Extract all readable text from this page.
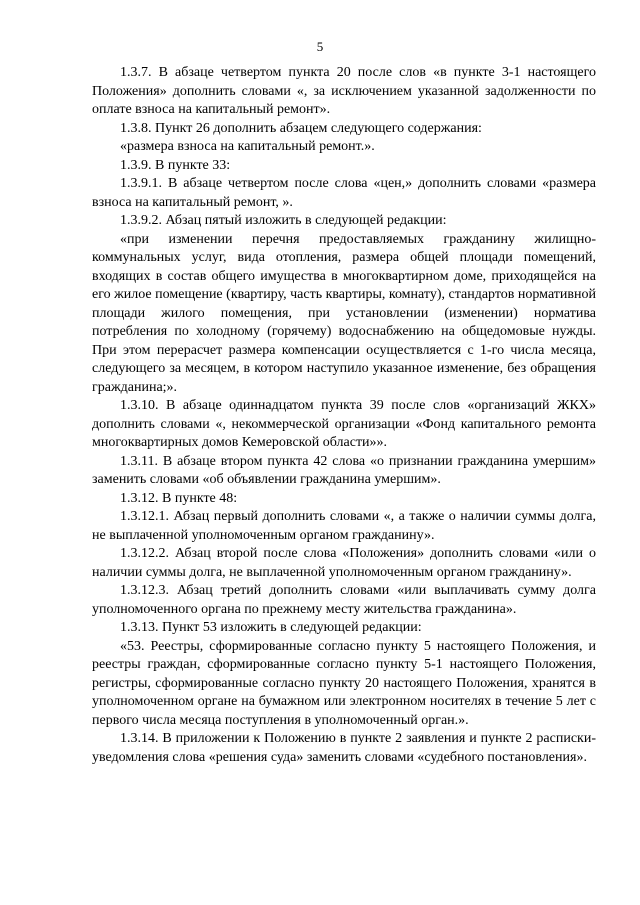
5

1.3.7. В абзаце четвертом пункта 20 после слов «в пункте 3-1 настоящего Положения» дополнить словами «, за исключением указанной задолженности по оплате взноса на капитальный ремонт».

1.3.8. Пункт 26 дополнить абзацем следующего содержания:

«размера взноса на капитальный ремонт.».

1.3.9. В пункте 33:

1.3.9.1. В абзаце четвертом после слова «цен,» дополнить словами «размера взноса на капитальный ремонт, ».

1.3.9.2. Абзац пятый изложить в следующей редакции:

«при изменении перечня предоставляемых гражданину жилищно-коммунальных услуг, вида отопления, размера общей площади помещений, входящих в состав общего имущества в многоквартирном доме, приходящейся на его жилое помещение (квартиру, часть квартиры, комнату), стандартов нормативной площади жилого помещения, при установлении (изменении) норматива потребления по холодному (горячему) водоснабжению на общедомовые нужды. При этом перерасчет размера компенсации осуществляется с 1-го числа месяца, следующего за месяцем, в котором наступило указанное изменение, без обращения гражданина;».

1.3.10. В абзаце одиннадцатом пункта 39 после слов «организаций ЖКХ» дополнить словами «, некоммерческой организации «Фонд капитального ремонта многоквартирных домов Кемеровской области»».

1.3.11. В абзаце втором пункта 42 слова «о признании гражданина умершим» заменить словами «об объявлении гражданина умершим».

1.3.12. В пункте 48:

1.3.12.1. Абзац первый дополнить словами «, а также о наличии суммы долга, не выплаченной уполномоченным органом гражданину».

1.3.12.2. Абзац второй после слова «Положения» дополнить словами «или о наличии суммы долга, не выплаченной уполномоченным органом гражданину».

1.3.12.3. Абзац третий дополнить словами «или выплачивать сумму долга уполномоченного органа по прежнему месту жительства гражданина».

1.3.13. Пункт 53 изложить в следующей редакции:

«53. Реестры, сформированные согласно пункту 5 настоящего Положения, и реестры граждан, сформированные согласно пункту 5-1 настоящего Положения, регистры, сформированные согласно пункту 20 настоящего Положения, хранятся в уполномоченном органе на бумажном или электронном носителях в течение 5 лет с первого числа месяца поступления в уполномоченный орган.».

1.3.14. В приложении к Положению в пункте 2 заявления и пункте 2 расписки-уведомления слова «решения суда» заменить словами «судебного постановления».
